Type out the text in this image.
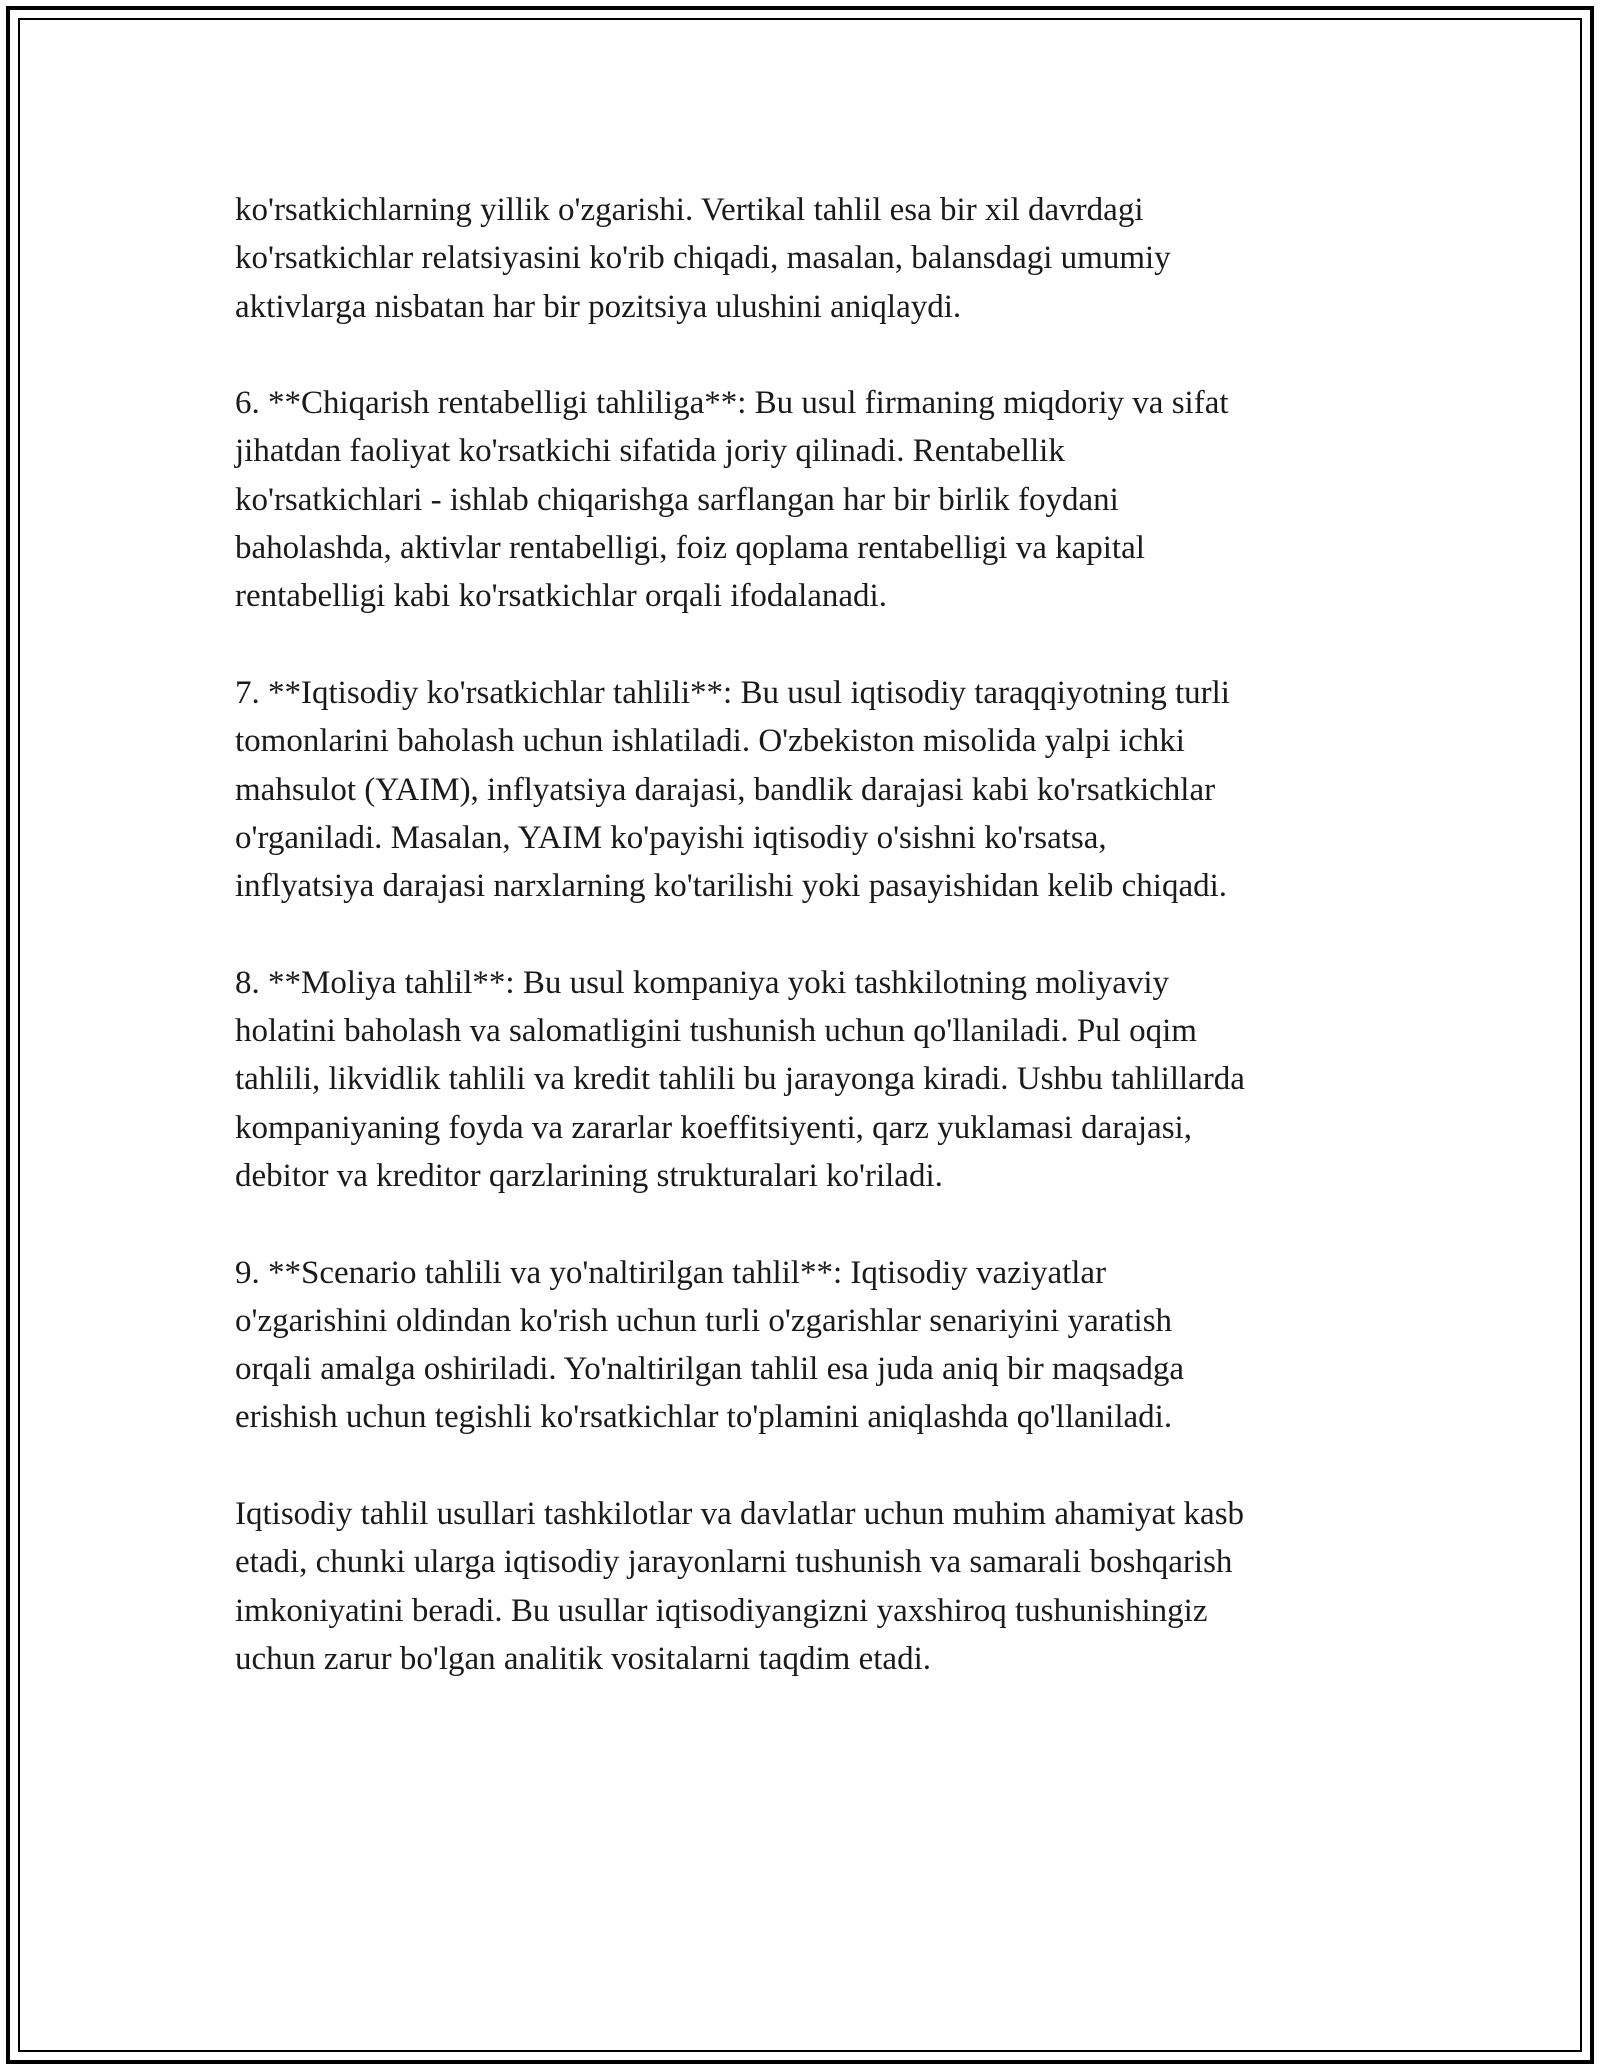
ko'rsatkichlarning yillik o'zgarishi. Vertikal tahlil esa bir xil davrdagi
ko'rsatkichlar relatsiyasini ko'rib chiqadi, masalan, balansdagi umumiy
aktivlarga nisbatan har bir pozitsiya ulushini aniqlaydi.

6. **Chiqarish rentabelligi tahliliga**: Bu usul firmaning miqdoriy va sifat
jihatdan faoliyat ko'rsatkichi sifatida joriy qilinadi. Rentabellik
ko'rsatkichlari - ishlab chiqarishga sarflangan har bir birlik foydani
baholashda, aktivlar rentabelligi, foiz qoplama rentabelligi va kapital
rentabelligi kabi ko'rsatkichlar orqali ifodalanadi.

7. **Iqtisodiy ko'rsatkichlar tahlili**: Bu usul iqtisodiy taraqqiyotning turli
tomonlarini baholash uchun ishlatiladi. O'zbekiston misolida yalpi ichki
mahsulot (YAIM), inflyatsiya darajasi, bandlik darajasi kabi ko'rsatkichlar
o'rganiladi. Masalan, YAIM ko'payishi iqtisodiy o'sishni ko'rsatsa,
inflyatsiya darajasi narxlarning ko'tarilishi yoki pasayishidan kelib chiqadi.

8. **Moliya tahlil**: Bu usul kompaniya yoki tashkilotning moliyaviy
holatini baholash va salomatligini tushunish uchun qo'llaniladi. Pul oqim
tahlili, likvidlik tahlili va kredit tahlili bu jarayonga kiradi. Ushbu tahlillarda
kompaniyaning foyda va zararlar koeffitsiyenti, qarz yuklamasi darajasi,
debitor va kreditor qarzlarining strukturalari ko'riladi.

9. **Scenario tahlili va yo'naltirilgan tahlil**: Iqtisodiy vaziyatlar
o'zgarishini oldindan ko'rish uchun turli o'zgarishlar senariyini yaratish
orqali amalga oshiriladi. Yo'naltirilgan tahlil esa juda aniq bir maqsadga
erishish uchun tegishli ko'rsatkichlar to'plamini aniqlashda qo'llaniladi.

Iqtisodiy tahlil usullari tashkilotlar va davlatlar uchun muhim ahamiyat kasb
etadi, chunki ularga iqtisodiy jarayonlarni tushunish va samarali boshqarish
imkoniyatini beradi. Bu usullar iqtisodiyangizni yaxshiroq tushunishingiz
uchun zarur bo'lgan analitik vositalarni taqdim etadi.
